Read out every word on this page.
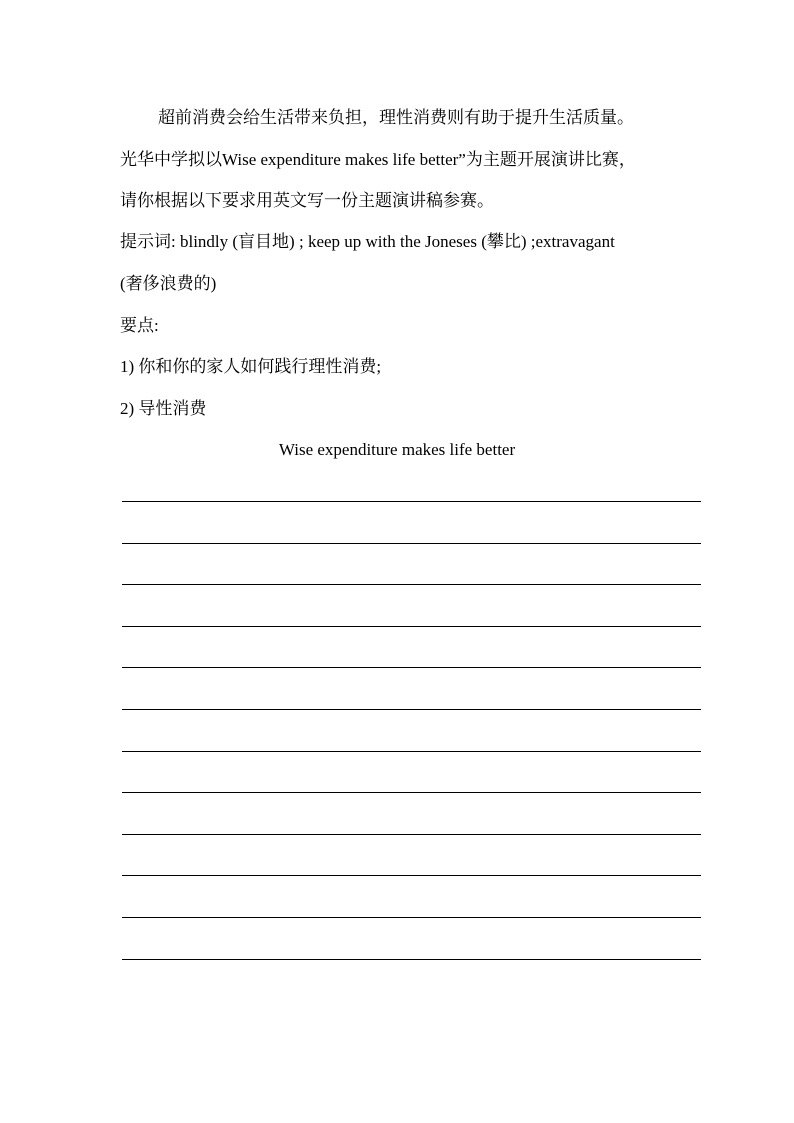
超前消费会给生活带来负担，理性消费则有助于提升生活质量。
光华中学拟以Wise expenditure makes life better”为主题开展演讲比赛，
请你根据以下要求用英文写一份主题演讲稿参赛。
提示词: blindly (盲目地) ; keep up with the Joneses (攀比) ;extravagant
(奢侈浪费的)
要点:
1) 你和你的家人如何践行理性消费;
2) 导性消费
Wise expenditure makes life better
